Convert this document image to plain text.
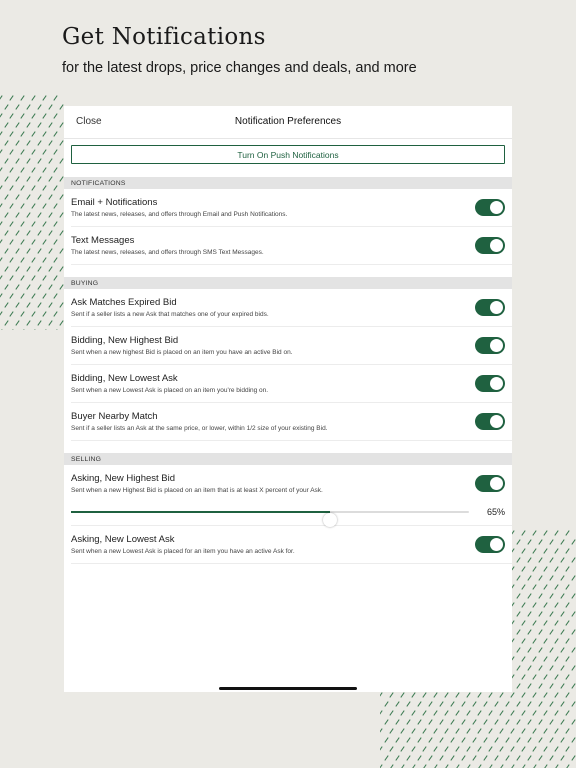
Get Notifications
for the latest drops, price changes and deals, and more
Close	Notification Preferences
Turn On Push Notifications
NOTIFICATIONS
Email + Notifications
The latest news, releases, and offers through Email and Push Notifications.
Text Messages
The latest news, releases, and offers through SMS Text Messages.
BUYING
Ask Matches Expired Bid
Sent if a seller lists a new Ask that matches one of your expired bids.
Bidding, New Highest Bid
Sent when a new highest Bid is placed on an item you have an active Bid on.
Bidding, New Lowest Ask
Sent when a new Lowest Ask is placed on an item you're bidding on.
Buyer Nearby Match
Sent if a seller lists an Ask at the same price, or lower, within 1/2 size of your existing Bid.
SELLING
Asking, New Highest Bid
Sent when a new Highest Bid is placed on an item that is at least X percent of your Ask.
65%
Asking, New Lowest Ask
Sent when a new Lowest Ask is placed for an item you have an active Ask for.
